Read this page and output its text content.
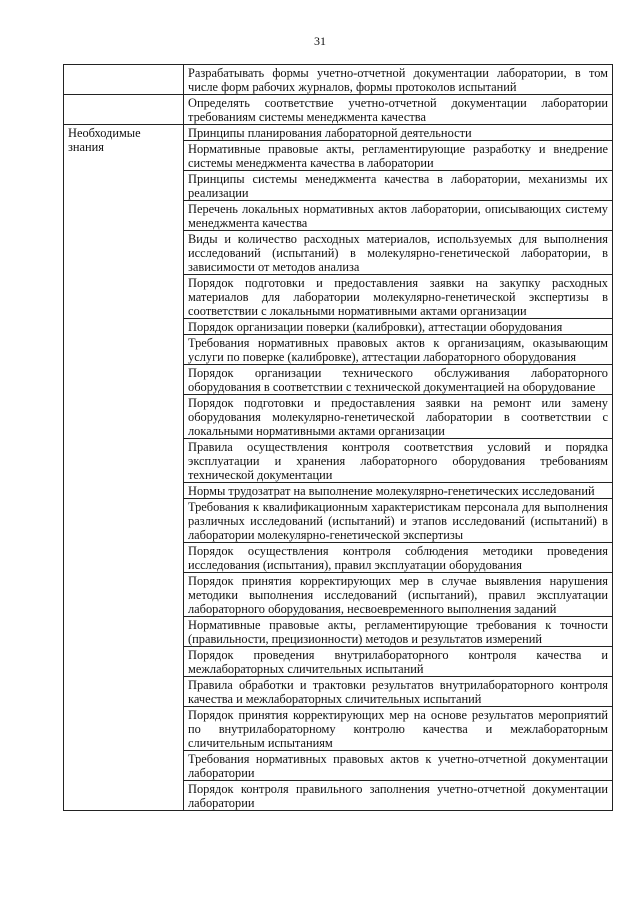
31
	Разрабатывать формы учетно-отчетной документации лаборатории, в том числе форм рабочих журналов, формы протоколов испытаний
	Определять соответствие учетно-отчетной документации лаборатории требованиям системы менеджмента качества
Необходимые знания	Принципы планирования лабораторной деятельности
	Нормативные правовые акты, регламентирующие разработку и внедрение системы менеджмента качества в лаборатории
	Принципы системы менеджмента качества в лаборатории, механизмы их реализации
	Перечень локальных нормативных актов лаборатории, описывающих систему менеджмента качества
	Виды и количество расходных материалов, используемых для выполнения исследований (испытаний) в молекулярно-генетической лаборатории, в зависимости от методов анализа
	Порядок подготовки и предоставления заявки на закупку расходных материалов для лаборатории молекулярно-генетической экспертизы в соответствии с локальными нормативными актами организации
	Порядок организации поверки (калибровки), аттестации оборудования
	Требования нормативных правовых актов к организациям, оказывающим услуги по поверке (калибровке), аттестации лабораторного оборудования
	Порядок организации технического обслуживания лабораторного оборудования в соответствии с технической документацией на оборудование
	Порядок подготовки и предоставления заявки на ремонт или замену оборудования молекулярно-генетической лаборатории в соответствии с локальными нормативными актами организации
	Правила осуществления контроля соответствия условий и порядка эксплуатации и хранения лабораторного оборудования требованиям технической документации
	Нормы трудозатрат на выполнение молекулярно-генетических исследований
	Требования к квалификационным характеристикам персонала для выполнения различных исследований (испытаний) и этапов исследований (испытаний) в лаборатории молекулярно-генетической экспертизы
	Порядок осуществления контроля соблюдения методики проведения исследования (испытания), правил эксплуатации оборудования
	Порядок принятия корректирующих мер в случае выявления нарушения методики выполнения исследований (испытаний), правил эксплуатации лабораторного оборудования, несвоевременного выполнения заданий
	Нормативные правовые акты, регламентирующие требования к точности (правильности, прецизионности) методов и результатов измерений
	Порядок проведения внутрилабораторного контроля качества и межлабораторных сличительных испытаний
	Правила обработки и трактовки результатов внутрилабораторного контроля качества и межлабораторных сличительных испытаний
	Порядок принятия корректирующих мер на основе результатов мероприятий по внутрилабораторному контролю качества и межлабораторным сличительным испытаниям
	Требования нормативных правовых актов к учетно-отчетной документации лаборатории
	Порядок контроля правильного заполнения учетно-отчетной документации лаборатории
